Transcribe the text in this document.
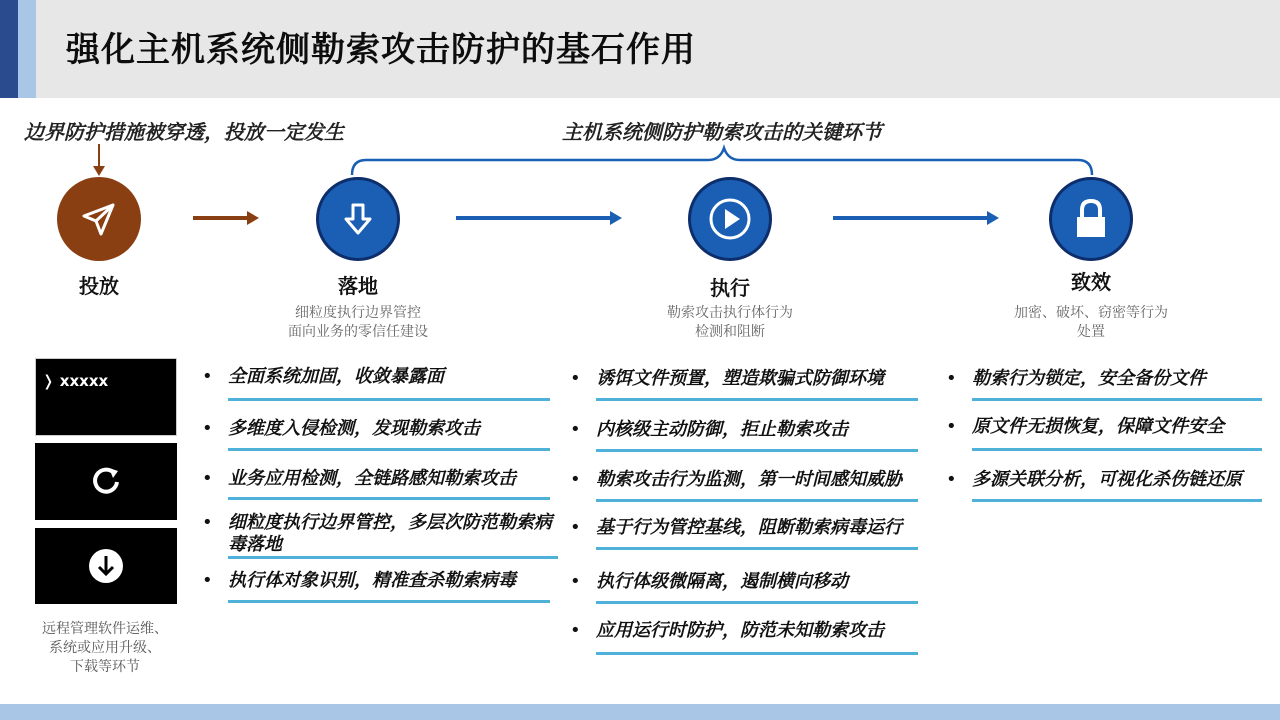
强化主机系统侧勒索攻击防护的基石作用
边界防护措施被穿透，投放一定发生	主机系统侧防护勒索攻击的关键环节
投放	落地
细粒度执行边界管控
面向业务的零信任建设
执行
勒索攻击执行体行为
检测和阻断
致效
加密、破坏、窃密等行为
处置
❭ xxxxx
远程管理软件运维、
系统或应用升级、
下载等环节
• 全面系统加固，收敛暴露面
• 多维度入侵检测，发现勒索攻击
• 业务应用检测，全链路感知勒索攻击
• 细粒度执行边界管控，多层次防范勒索病毒落地
• 执行体对象识别，精准查杀勒索病毒
• 诱饵文件预置，塑造欺骗式防御环境
• 内核级主动防御，拒止勒索攻击
• 勒索攻击行为监测，第一时间感知威胁
• 基于行为管控基线，阻断勒索病毒运行
• 执行体级微隔离，遏制横向移动
• 应用运行时防护，防范未知勒索攻击
• 勒索行为锁定，安全备份文件
• 原文件无损恢复，保障文件安全
• 多源关联分析，可视化杀伤链还原
